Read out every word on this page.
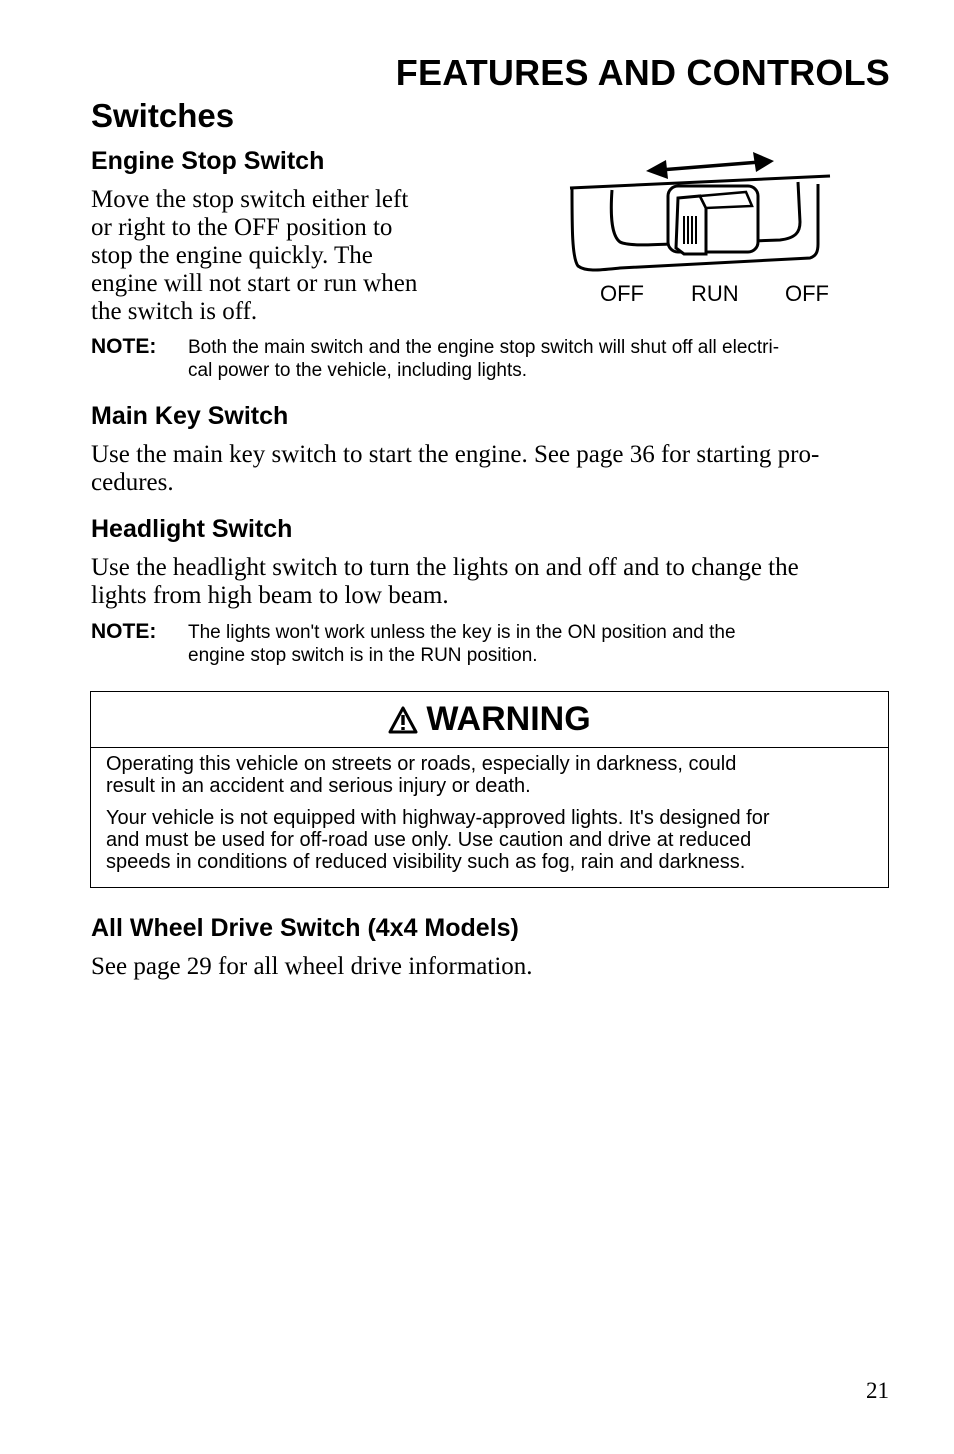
FEATURES AND CONTROLS
Switches
Engine Stop Switch
Move the stop switch either left
or right to the OFF position to
stop the engine quickly. The
engine will not start or run when
the switch is off.
OFF RUN OFF
NOTE: Both the main switch and the engine stop switch will shut off all electri-
cal power to the vehicle, including lights.
Main Key Switch
Use the main key switch to start the engine. See page 36 for starting pro-
cedures.
Headlight Switch
Use the headlight switch to turn the lights on and off and to change the
lights from high beam to low beam.
NOTE: The lights won't work unless the key is in the ON position and the
engine stop switch is in the RUN position.
WARNING

Operating this vehicle on streets or roads, especially in darkness, could
result in an accident and serious injury or death.

Your vehicle is not equipped with highway-approved lights. It's designed for
and must be used for off-road use only. Use caution and drive at reduced
speeds in conditions of reduced visibility such as fog, rain and darkness.

All Wheel Drive Switch (4x4 Models)
See page 29 for all wheel drive information.
21
